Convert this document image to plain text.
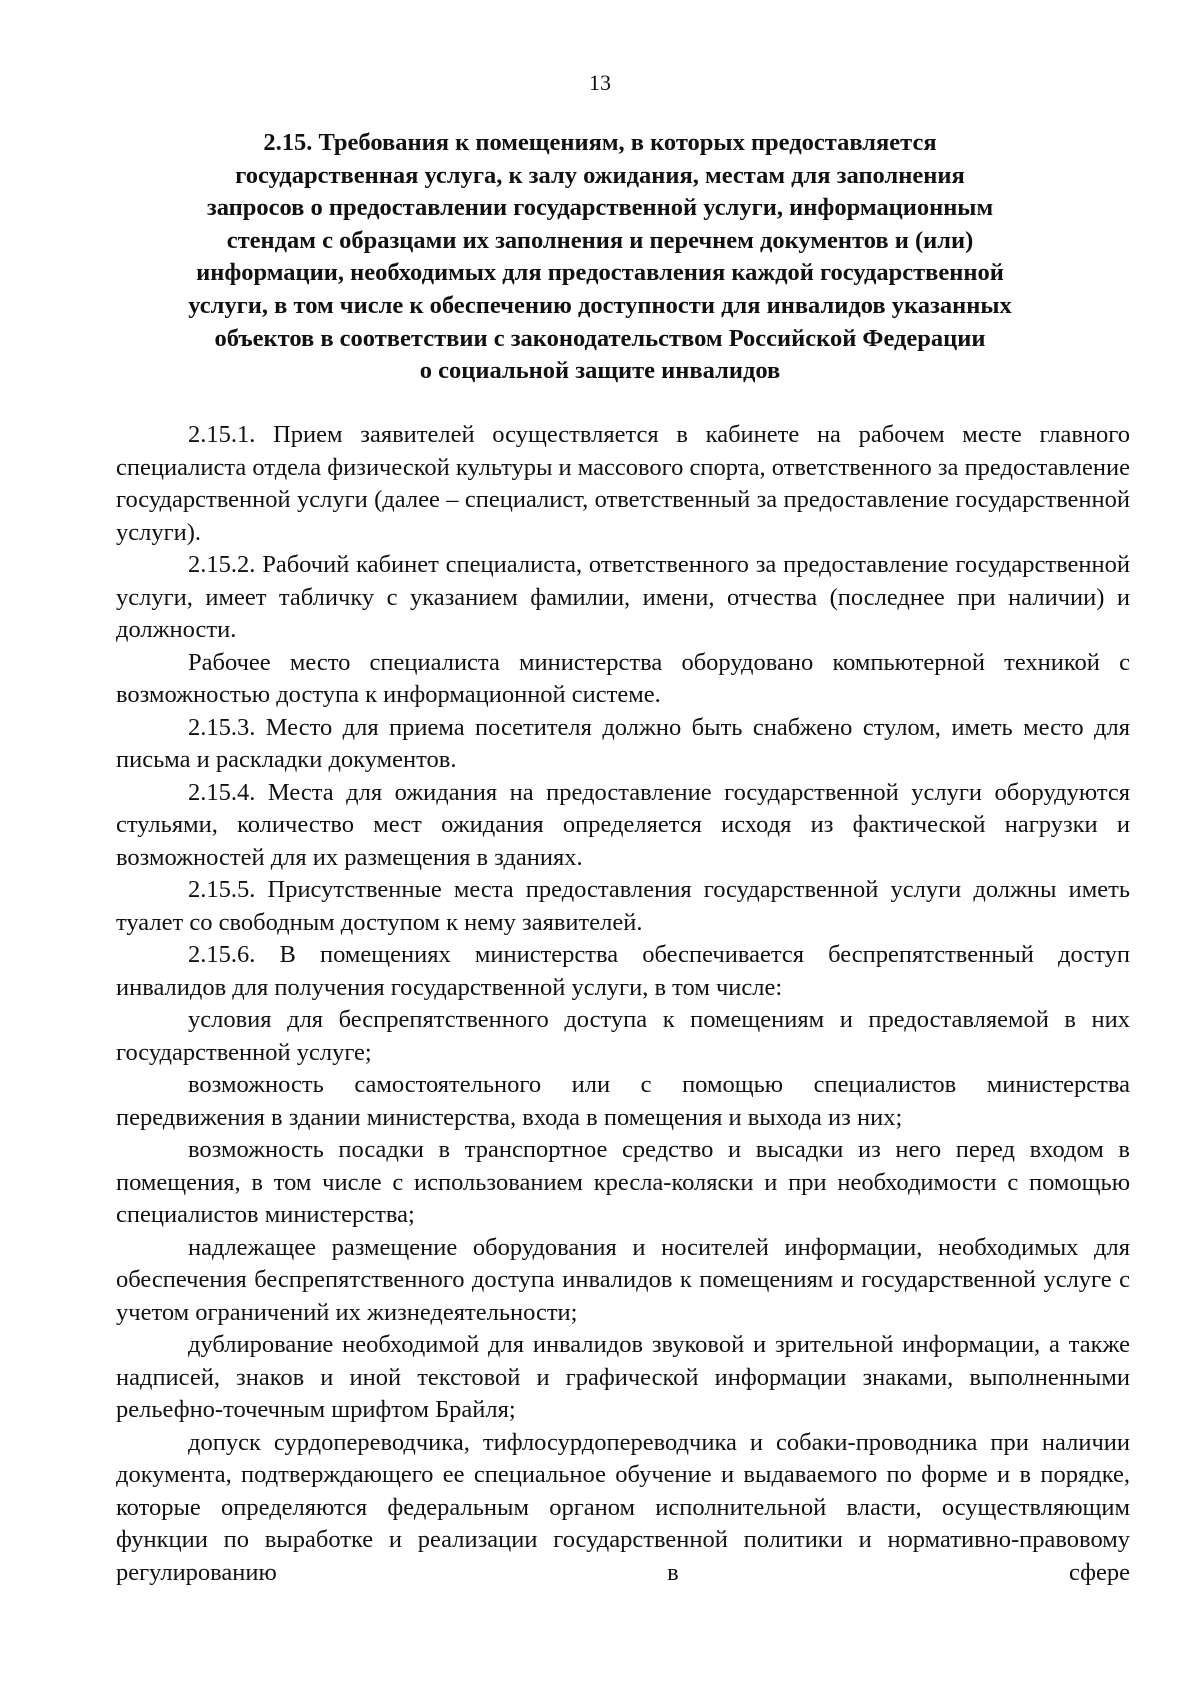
13
2.15. Требования к помещениям, в которых предоставляется
государственная услуга, к залу ожидания, местам для заполнения
запросов о предоставлении государственной услуги, информационным
стендам с образцами их заполнения и перечнем документов и (или)
информации, необходимых для предоставления каждой государственной
услуги, в том числе к обеспечению доступности для инвалидов указанных
объектов в соответствии с законодательством Российской Федерации
о социальной защите инвалидов

2.15.1. Прием заявителей осуществляется в кабинете на рабочем месте главного специалиста отдела физической культуры и массового спорта, ответственного за предоставление государственной услуги (далее – специалист, ответственный за предоставление государственной услуги).

2.15.2. Рабочий кабинет специалиста, ответственного за предоставление государственной услуги, имеет табличку с указанием фамилии, имени, отчества (последнее при наличии) и должности.

Рабочее место специалиста министерства оборудовано компьютерной техникой с возможностью доступа к информационной системе.

2.15.3. Место для приема посетителя должно быть снабжено стулом, иметь место для письма и раскладки документов.

2.15.4. Места для ожидания на предоставление государственной услуги оборудуются стульями, количество мест ожидания определяется исходя из фактической нагрузки и возможностей для их размещения в зданиях.

2.15.5. Присутственные места предоставления государственной услуги должны иметь туалет со свободным доступом к нему заявителей.

2.15.6. В помещениях министерства обеспечивается беспрепятственный доступ инвалидов для получения государственной услуги, в том числе:

условия для беспрепятственного доступа к помещениям и предоставляемой в них государственной услуге;

возможность самостоятельного или с помощью специалистов министерства передвижения в здании министерства, входа в помещения и выхода из них;

возможность посадки в транспортное средство и высадки из него перед входом в помещения, в том числе с использованием кресла-коляски и при необходимости с помощью специалистов министерства;

надлежащее размещение оборудования и носителей информации, необходимых для обеспечения беспрепятственного доступа инвалидов к помещениям и государственной услуге с учетом ограничений их жизнедеятельности;

дублирование необходимой для инвалидов звуковой и зрительной информации, а также надписей, знаков и иной текстовой и графической информации знаками, выполненными рельефно-точечным шрифтом Брайля;

допуск сурдопереводчика, тифлосурдопереводчика и собаки-проводника при наличии документа, подтверждающего ее специальное обучение и выдаваемого по форме и в порядке, которые определяются федеральным органом исполнительной власти, осуществляющим функции по выработке и реализации государственной политики и нормативно-правовому регулированию в сфере
